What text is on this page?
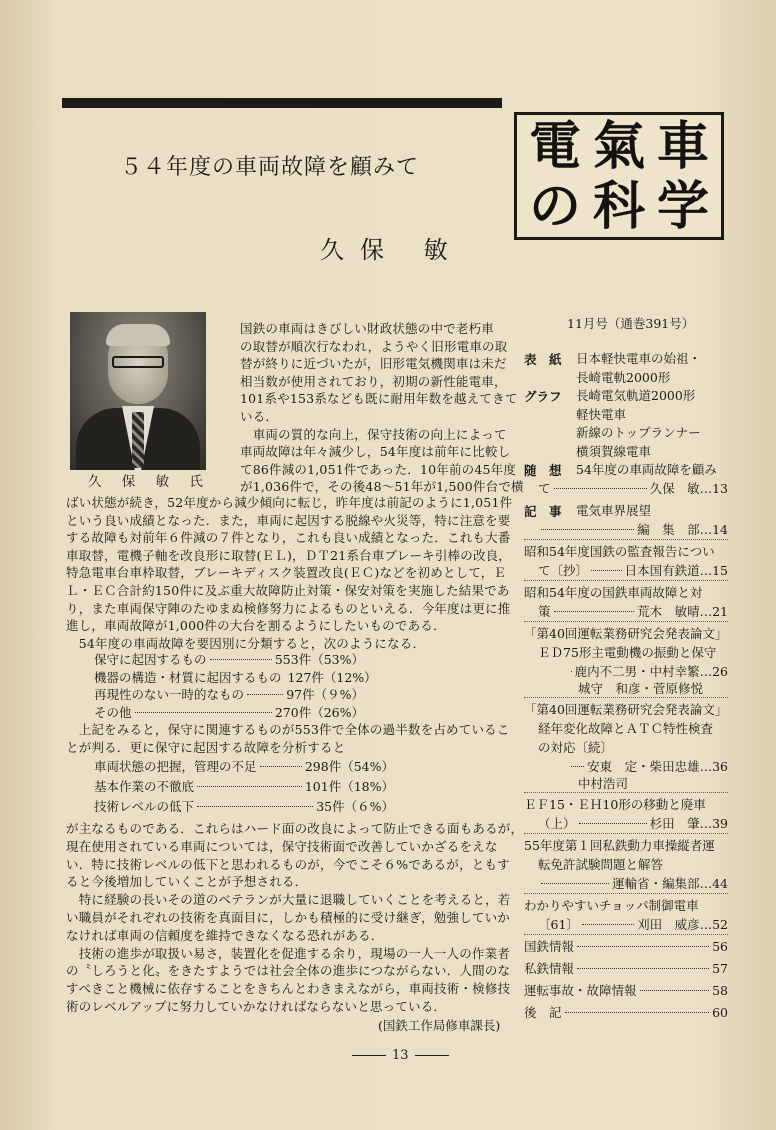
電 氣 車
の 科 学
５４年度の車両故障を顧みて
久保 敏
久 保 敏 氏
国鉄の車両はきびしい財政状態の中で老朽車
の取替が順次行なわれ，ようやく旧形電車の取
替が終りに近づいたが，旧形電気機関車は未だ
相当数が使用されており，初期の新性能電車，
101系や153系なども既に耐用年数を越えてきて
いる．
　車両の質的な向上，保守技術の向上によって
車両故障は年々減少し，54年度は前年に比較し
て86件減の1,051件であった．10年前の45年度
が1,036件で，その後48〜51年が1,500件台で横
ばい状態が続き，52年度から減少傾向に転じ，昨年度は前記のように1,051件
という良い成績となった．また，車両に起因する脱線や火災等，特に注意を要
する故障も対前年６件減の７件となり，これも良い成績となった．これも大番
車取替，電機子軸を改良形に取替(ＥＬ)，ＤＴ21系台車ブレーキ引棒の改良，
特急電車台車枠取替，ブレーキディスク装置改良(ＥＣ)などを初めとして，Ｅ
Ｌ・ＥＣ合計約150件に及ぶ重大故障防止対策・保安対策を実施した結果であ
り，また車両保守陣のたゆまぬ検修努力によるものといえる．今年度は更に推
進し，車両故障が1,000件の大台を割るようにしたいものである．
　54年度の車両故障を要因別に分類すると，次のようになる．
保守に起因するもの	553件（53%）
機器の構造・材質に起因するもの 127件（12%）
再現性のない一時的なもの	97件（９%）
その他	270件（26%）
　上記をみると，保守に関連するものが553件で全体の過半数を占めているこ
とが判る．更に保守に起因する故障を分析すると
車両状態の把握，管理の不足	298件（54%）
基本作業の不徹底	101件（18%）
技術レベルの低下	35件（６%）
が主なるものである．これらはハード面の改良によって防止できる面もあるが，
現在使用されている車両については，保守技術面で改善していかざるをえな
い．特に技術レベルの低下と思われるものが，今でこそ６%であるが，ともす
ると今後増加していくことが予想される．
　特に経験の長いその道のベテランが大量に退職していくことを考えると，若
い職員がそれぞれの技術を真面目に，しかも積極的に受け継ぎ，勉強していか
なければ車両の信頼度を維持できなくなる恐れがある．
　技術の進歩が取扱い易さ，装置化を促進する余り，現場の一人一人の作業者
の〝しろうと化〟をきたすようでは社会全体の進歩につながらない．人間のな
すべきこと機械に依存することをきちんとわきまえながら，車両技術・検修技
術のレベルアップに努力していかなければならないと思っている．
(国鉄工作局修車課長)
13
11月号（通巻391号）
表　紙 日本軽快電車の始祖・
長崎電軌2000形
グラフ 長崎電気軌道2000形
軽快電車
新線のトップランナー
横須賀線電車
随　想 54年度の車両故障を顧み
て	久保　敏…13
記　事 電気車界展望
編　集　部…14
昭和54年度国鉄の監査報告につい
て〔抄〕	日本国有鉄道…15
昭和54年度の国鉄車両故障と対
策	荒木　敏晴…21
「第40回運転業務研究会発表論文」
ＥＤ75形主電動機の振動と保守
鹿内不二男・中村幸繁…26
城守　和彦・菅原修悦
「第40回運転業務研究会発表論文」
経年変化故障とＡＴＣ特性検査
の対応〔続〕
安東　定・柴田忠雄…36
中村浩司
ＥＦ15・ＥＨ10形の移動と廃車
（上）	杉田　肇…39
55年度第１回私鉄動力車操縦者運
転免許試験問題と解答
運輸省・編集部…44
わかりやすいチョッパ制御電車
〔61〕	刈田　威彦…52
国鉄情報	56
私鉄情報	57
運転事故・故障情報	58
後　記	60
